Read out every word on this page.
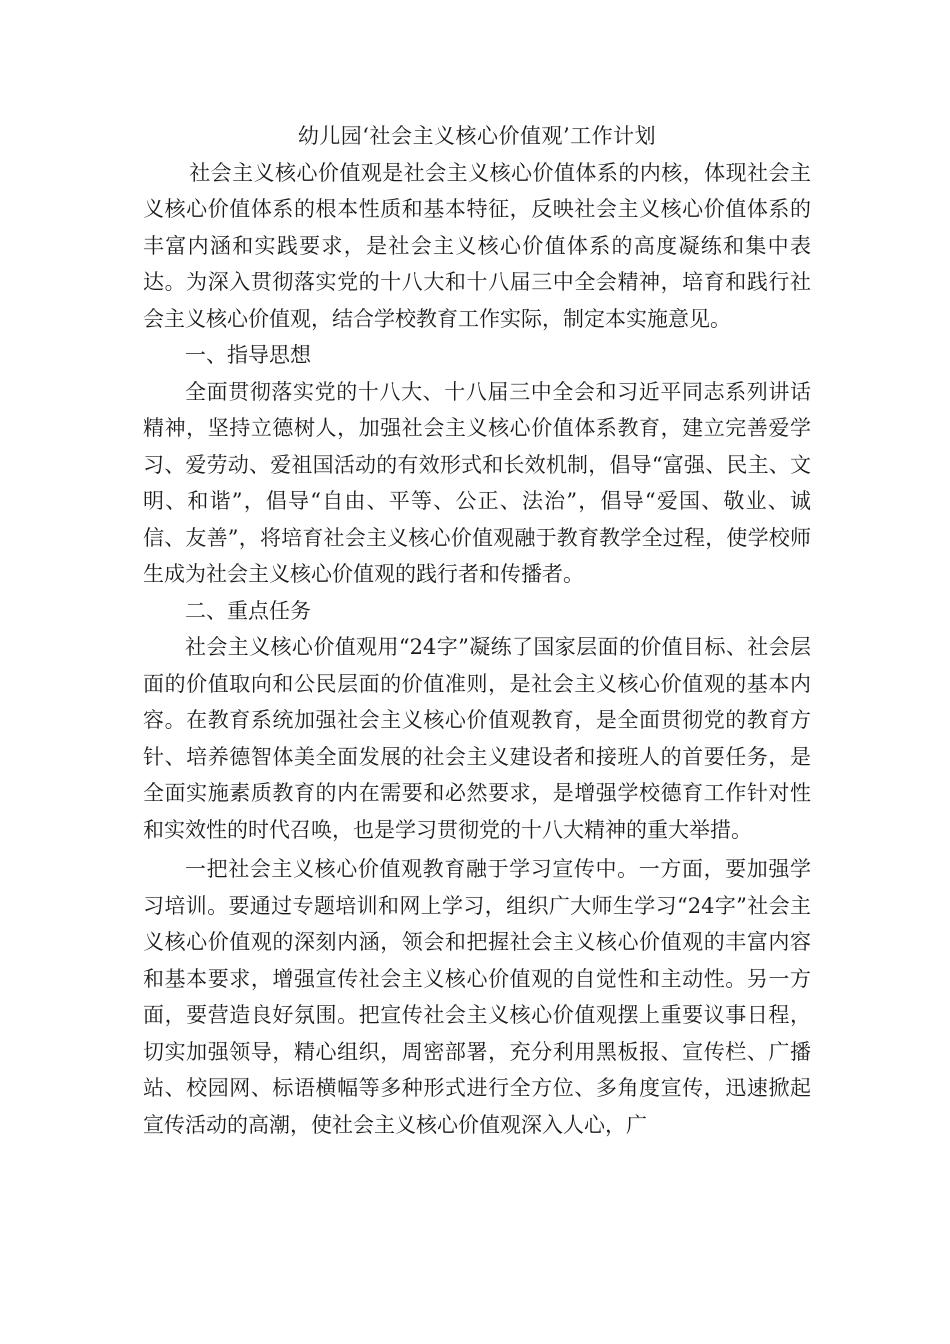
幼儿园‘社会主义核心价值观’工作计划

社会主义核心价值观是社会主义核心价值体系的内核，体现社会主义核心价值体系的根本性质和基本特征，反映社会主义核心价值体系的丰富内涵和实践要求，是社会主义核心价值体系的高度凝练和集中表达。为深入贯彻落实党的十八大和十八届三中全会精神，培育和践行社会主义核心价值观，结合学校教育工作实际，制定本实施意见。

一、指导思想

全面贯彻落实党的十八大、十八届三中全会和习近平同志系列讲话精神，坚持立德树人，加强社会主义核心价值体系教育，建立完善爱学习、爱劳动、爱祖国活动的有效形式和长效机制，倡导“富强、民主、文明、和谐”，倡导“自由、平等、公正、法治”，倡导“爱国、敬业、诚信、友善”，将培育社会主义核心价值观融于教育教学全过程，使学校师生成为社会主义核心价值观的践行者和传播者。

二、重点任务

社会主义核心价值观用“24字”凝练了国家层面的价值目标、社会层面的价值取向和公民层面的价值准则，是社会主义核心价值观的基本内容。在教育系统加强社会主义核心价值观教育，是全面贯彻党的教育方针、培养德智体美全面发展的社会主义建设者和接班人的首要任务，是全面实施素质教育的内在需要和必然要求，是增强学校德育工作针对性和实效性的时代召唤，也是学习贯彻党的十八大精神的重大举措。

一把社会主义核心价值观教育融于学习宣传中。一方面，要加强学习培训。要通过专题培训和网上学习，组织广大师生学习“24字”社会主义核心价值观的深刻内涵，领会和把握社会主义核心价值观的丰富内容和基本要求，增强宣传社会主义核心价值观的自觉性和主动性。另一方面，要营造良好氛围。把宣传社会主义核心价值观摆上重要议事日程，切实加强领导，精心组织，周密部署，充分利用黑板报、宣传栏、广播站、校园网、标语横幅等多种形式进行全方位、多角度宣传，迅速掀起宣传活动的高潮，使社会主义核心价值观深入人心，广
